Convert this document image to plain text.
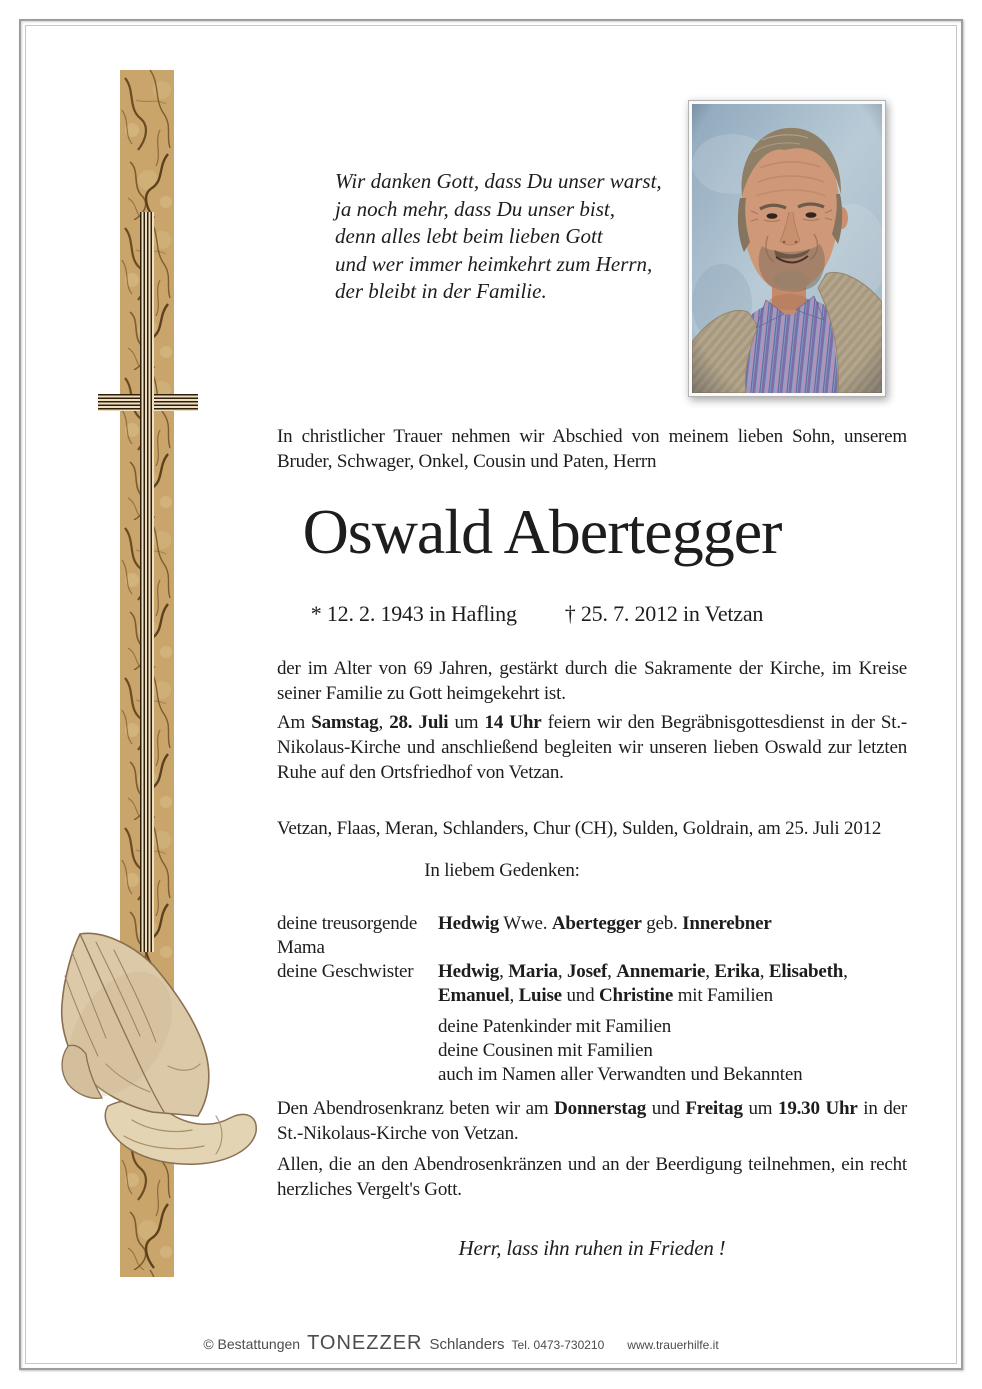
Wir danken Gott, dass Du unser warst,
ja noch mehr, dass Du unser bist,
denn alles lebt beim lieben Gott
und wer immer heimkehrt zum Herrn,
der bleibt in der Familie.

In christlicher Trauer nehmen wir Abschied von meinem lieben Sohn, unserem Bruder, Schwager, Onkel, Cousin und Paten, Herrn

Oswald Abertegger
* 12. 2. 1943 in Hafling † 25. 7. 2012 in Vetzan

der im Alter von 69 Jahren, gestärkt durch die Sakramente der Kirche, im Kreise seiner Familie zu Gott heimgekehrt ist.

Am Samstag, 28. Juli um 14 Uhr feiern wir den Begräbnisgottesdienst in der St.-Nikolaus-Kirche und anschließend begleiten wir unseren lieben Oswald zur letzten Ruhe auf den Ortsfriedhof von Vetzan.

Vetzan, Flaas, Meran, Schlanders, Chur (CH), Sulden, Goldrain, am 25. Juli 2012

In liebem Gedenken:

deine treusorgende Mama
Hedwig Wwe. Abertegger geb. Innerebner
deine Geschwister	Hedwig, Maria, Josef, Annemarie, Erika, Elisabeth, Emanuel, Luise und Christine mit Familien
deine Patenkinder mit Familien
deine Cousinen mit Familien
auch im Namen aller Verwandten und Bekannten

Den Abendrosenkranz beten wir am Donnerstag und Freitag um 19.30 Uhr in der St.-Nikolaus-Kirche von Vetzan.

Allen, die an den Abendrosenkränzen und an der Beerdigung teilnehmen, ein recht herzliches Vergelt's Gott.

Herr, lass ihn ruhen in Frieden !

© Bestattungen TONEZZER Schlanders Tel. 0473-730210 www.trauerhilfe.it
